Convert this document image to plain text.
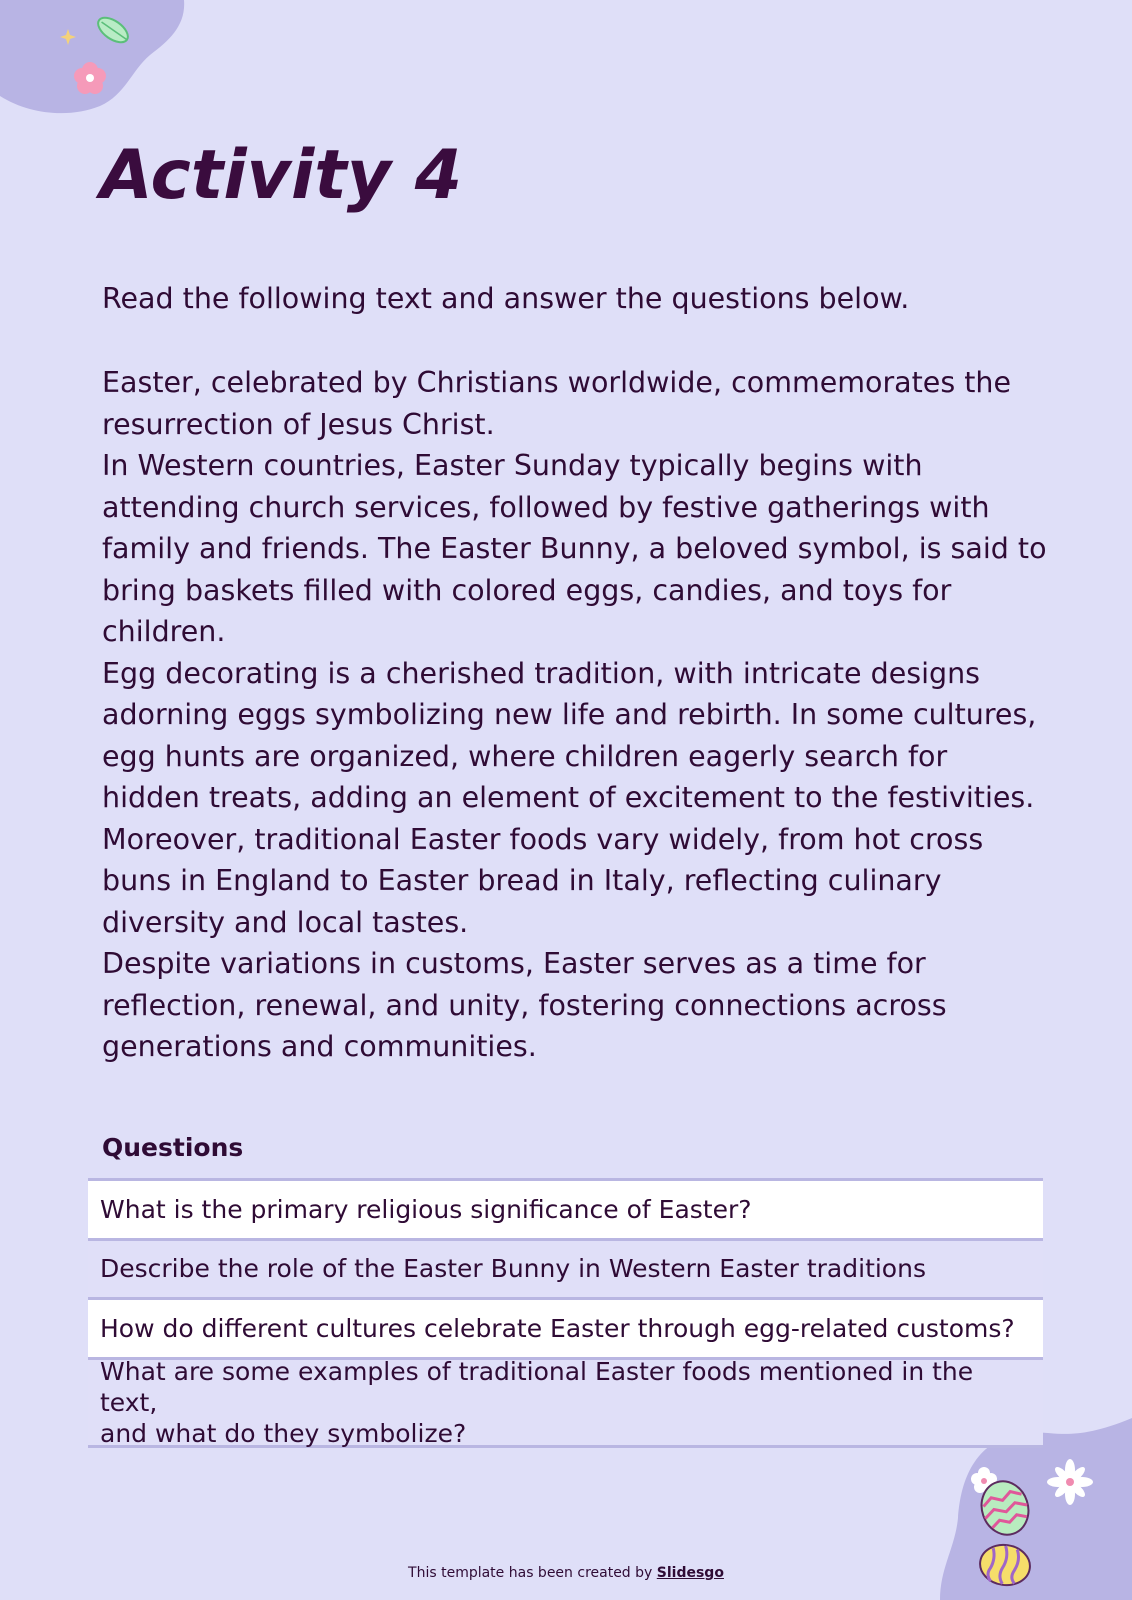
Activity 4

Read the following text and answer the questions below.

Easter, celebrated by Christians worldwide, commemorates the

resurrection of Jesus Christ.

In Western countries, Easter Sunday typically begins with

attending church services, followed by festive gatherings with

family and friends. The Easter Bunny, a beloved symbol, is said to

bring baskets filled with colored eggs, candies, and toys for

children.

Egg decorating is a cherished tradition, with intricate designs

adorning eggs symbolizing new life and rebirth. In some cultures,

egg hunts are organized, where children eagerly search for

hidden treats, adding an element of excitement to the festivities.

Moreover, traditional Easter foods vary widely, from hot cross

buns in England to Easter bread in Italy, reflecting culinary

diversity and local tastes.

Despite variations in customs, Easter serves as a time for

reflection, renewal, and unity, fostering connections across

generations and communities.

Questions
What is the primary religious significance of Easter?
Describe the role of the Easter Bunny in Western Easter traditions
How do different cultures celebrate Easter through egg-related customs?
What are some examples of traditional Easter foods mentioned in the text,
and what do they symbolize?
This template has been created by Slidesgo
